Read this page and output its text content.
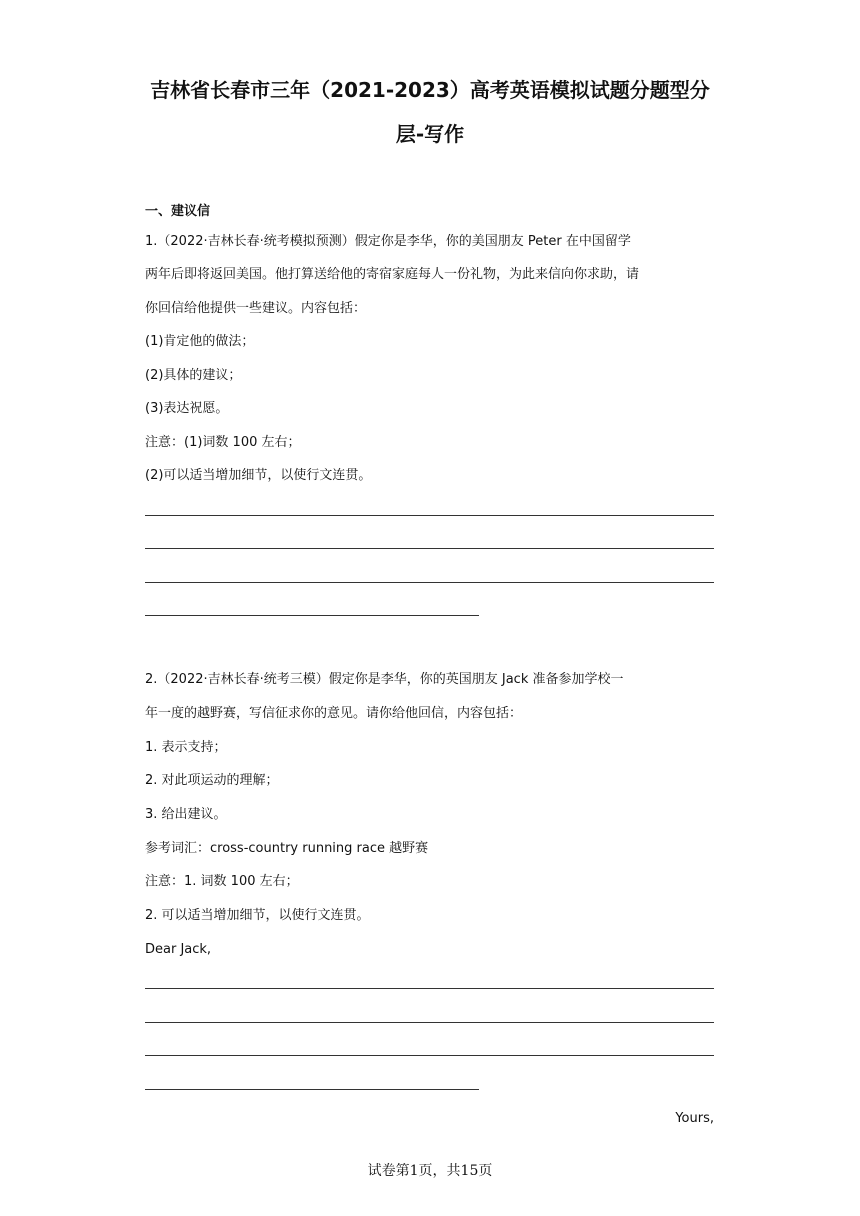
吉林省长春市三年（2021-2023）高考英语模拟试题分题型分
层-写作

一、建议信

1.（2022·吉林长春·统考模拟预测）假定你是李华，你的美国朋友 Peter 在中国留学

两年后即将返回美国。他打算送给他的寄宿家庭每人一份礼物，为此来信向你求助，请

你回信给他提供一些建议。内容包括：

(1)肯定他的做法；

(2)具体的建议；

(3)表达祝愿。

注意：(1)词数 100 左右；

(2)可以适当增加细节，以使行文连贯。

2.（2022·吉林长春·统考三模）假定你是李华，你的英国朋友 Jack 准备参加学校一

年一度的越野赛，写信征求你的意见。请你给他回信，内容包括：

1. 表示支持；

2. 对此项运动的理解；

3. 给出建议。

参考词汇：cross-country running race 越野赛

注意：1. 词数 100 左右；

2. 可以适当增加细节，以使行文连贯。

Dear Jack,

Yours,

试卷第1页，共15页
